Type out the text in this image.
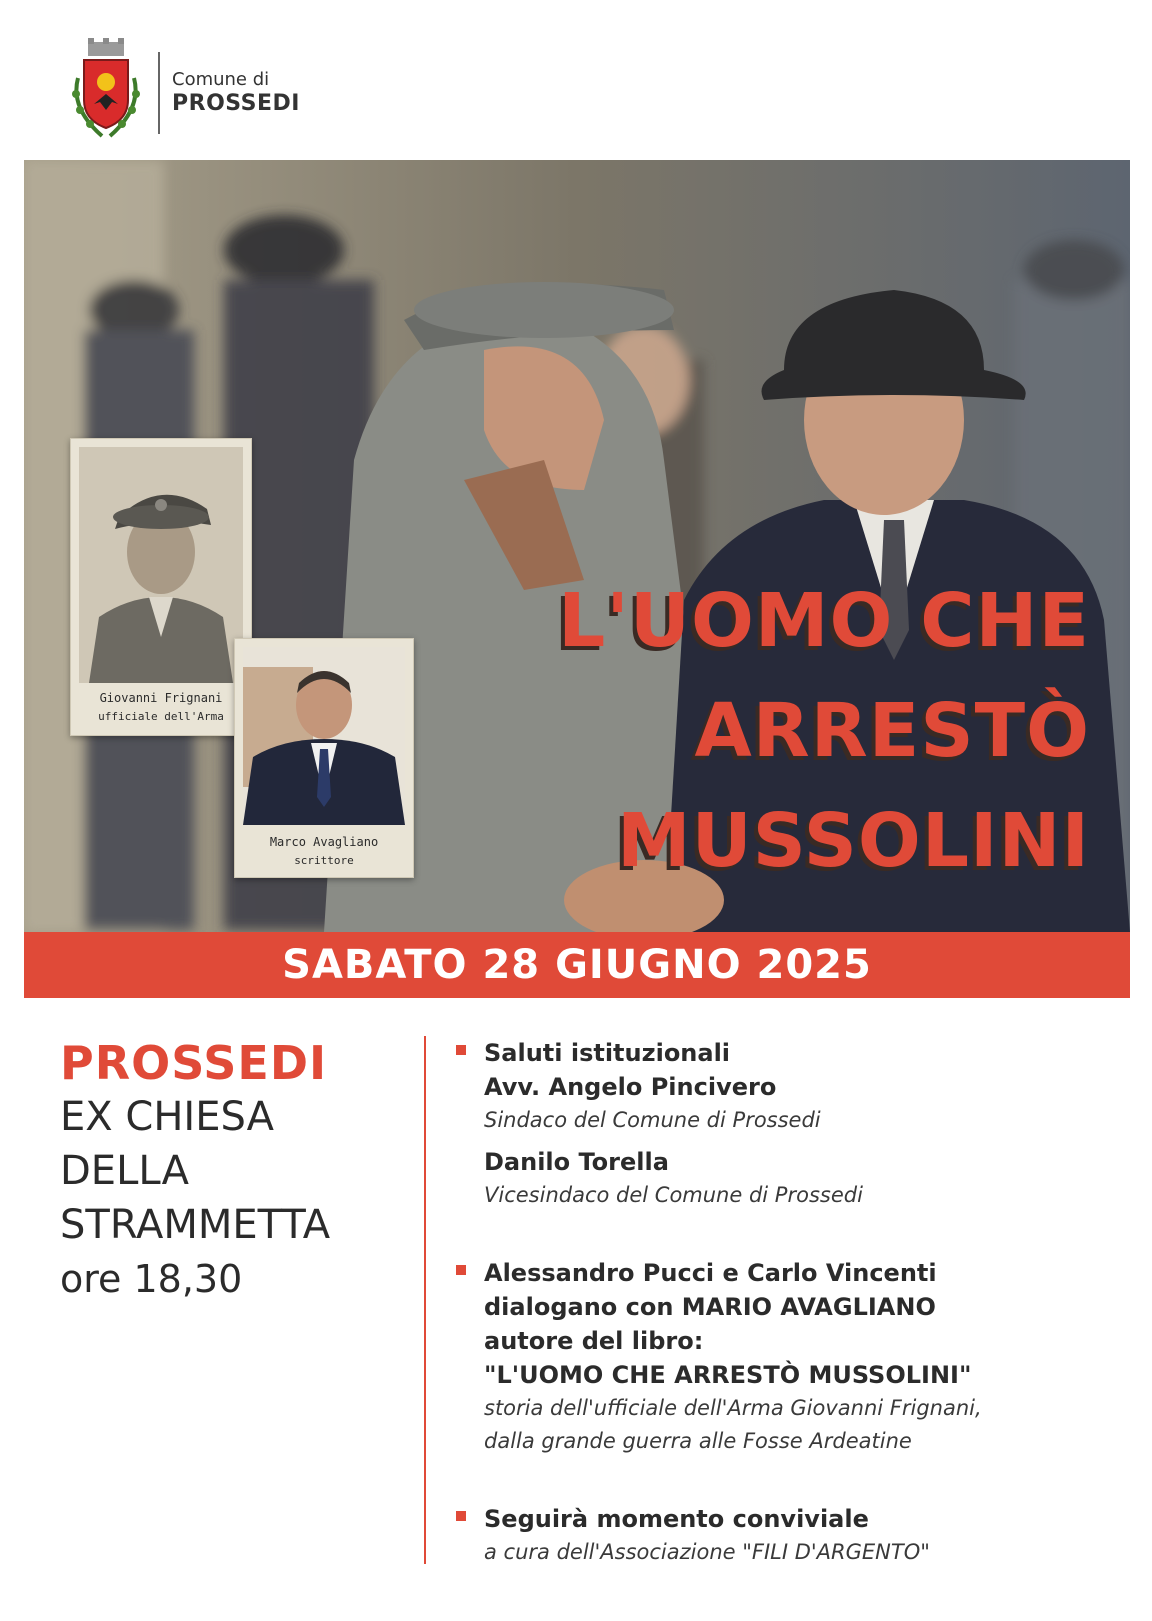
Comune di
PROSSEDI
L'UOMO CHE
ARRESTÒ
MUSSOLINI
Giovanni Frignani
ufficiale dell'Arma
Marco Avagliano
scrittore
SABATO 28 GIUGNO 2025
PROSSEDI
EX CHIESA
DELLA
STRAMMETTA
ore 18,30
Saluti istituzionali
Avv. Angelo Pincivero
Sindaco del Comune di Prossedi
Danilo Torella
Vicesindaco del Comune di Prossedi
Alessandro Pucci e Carlo Vincenti
dialogano con MARIO AVAGLIANO
autore del libro:
"L'UOMO CHE ARRESTÒ MUSSOLINI"
storia dell'ufficiale dell'Arma Giovanni Frignani,
dalla grande guerra alle Fosse Ardeatine
Seguirà momento conviviale
a cura dell'Associazione "FILI D'ARGENTO"
